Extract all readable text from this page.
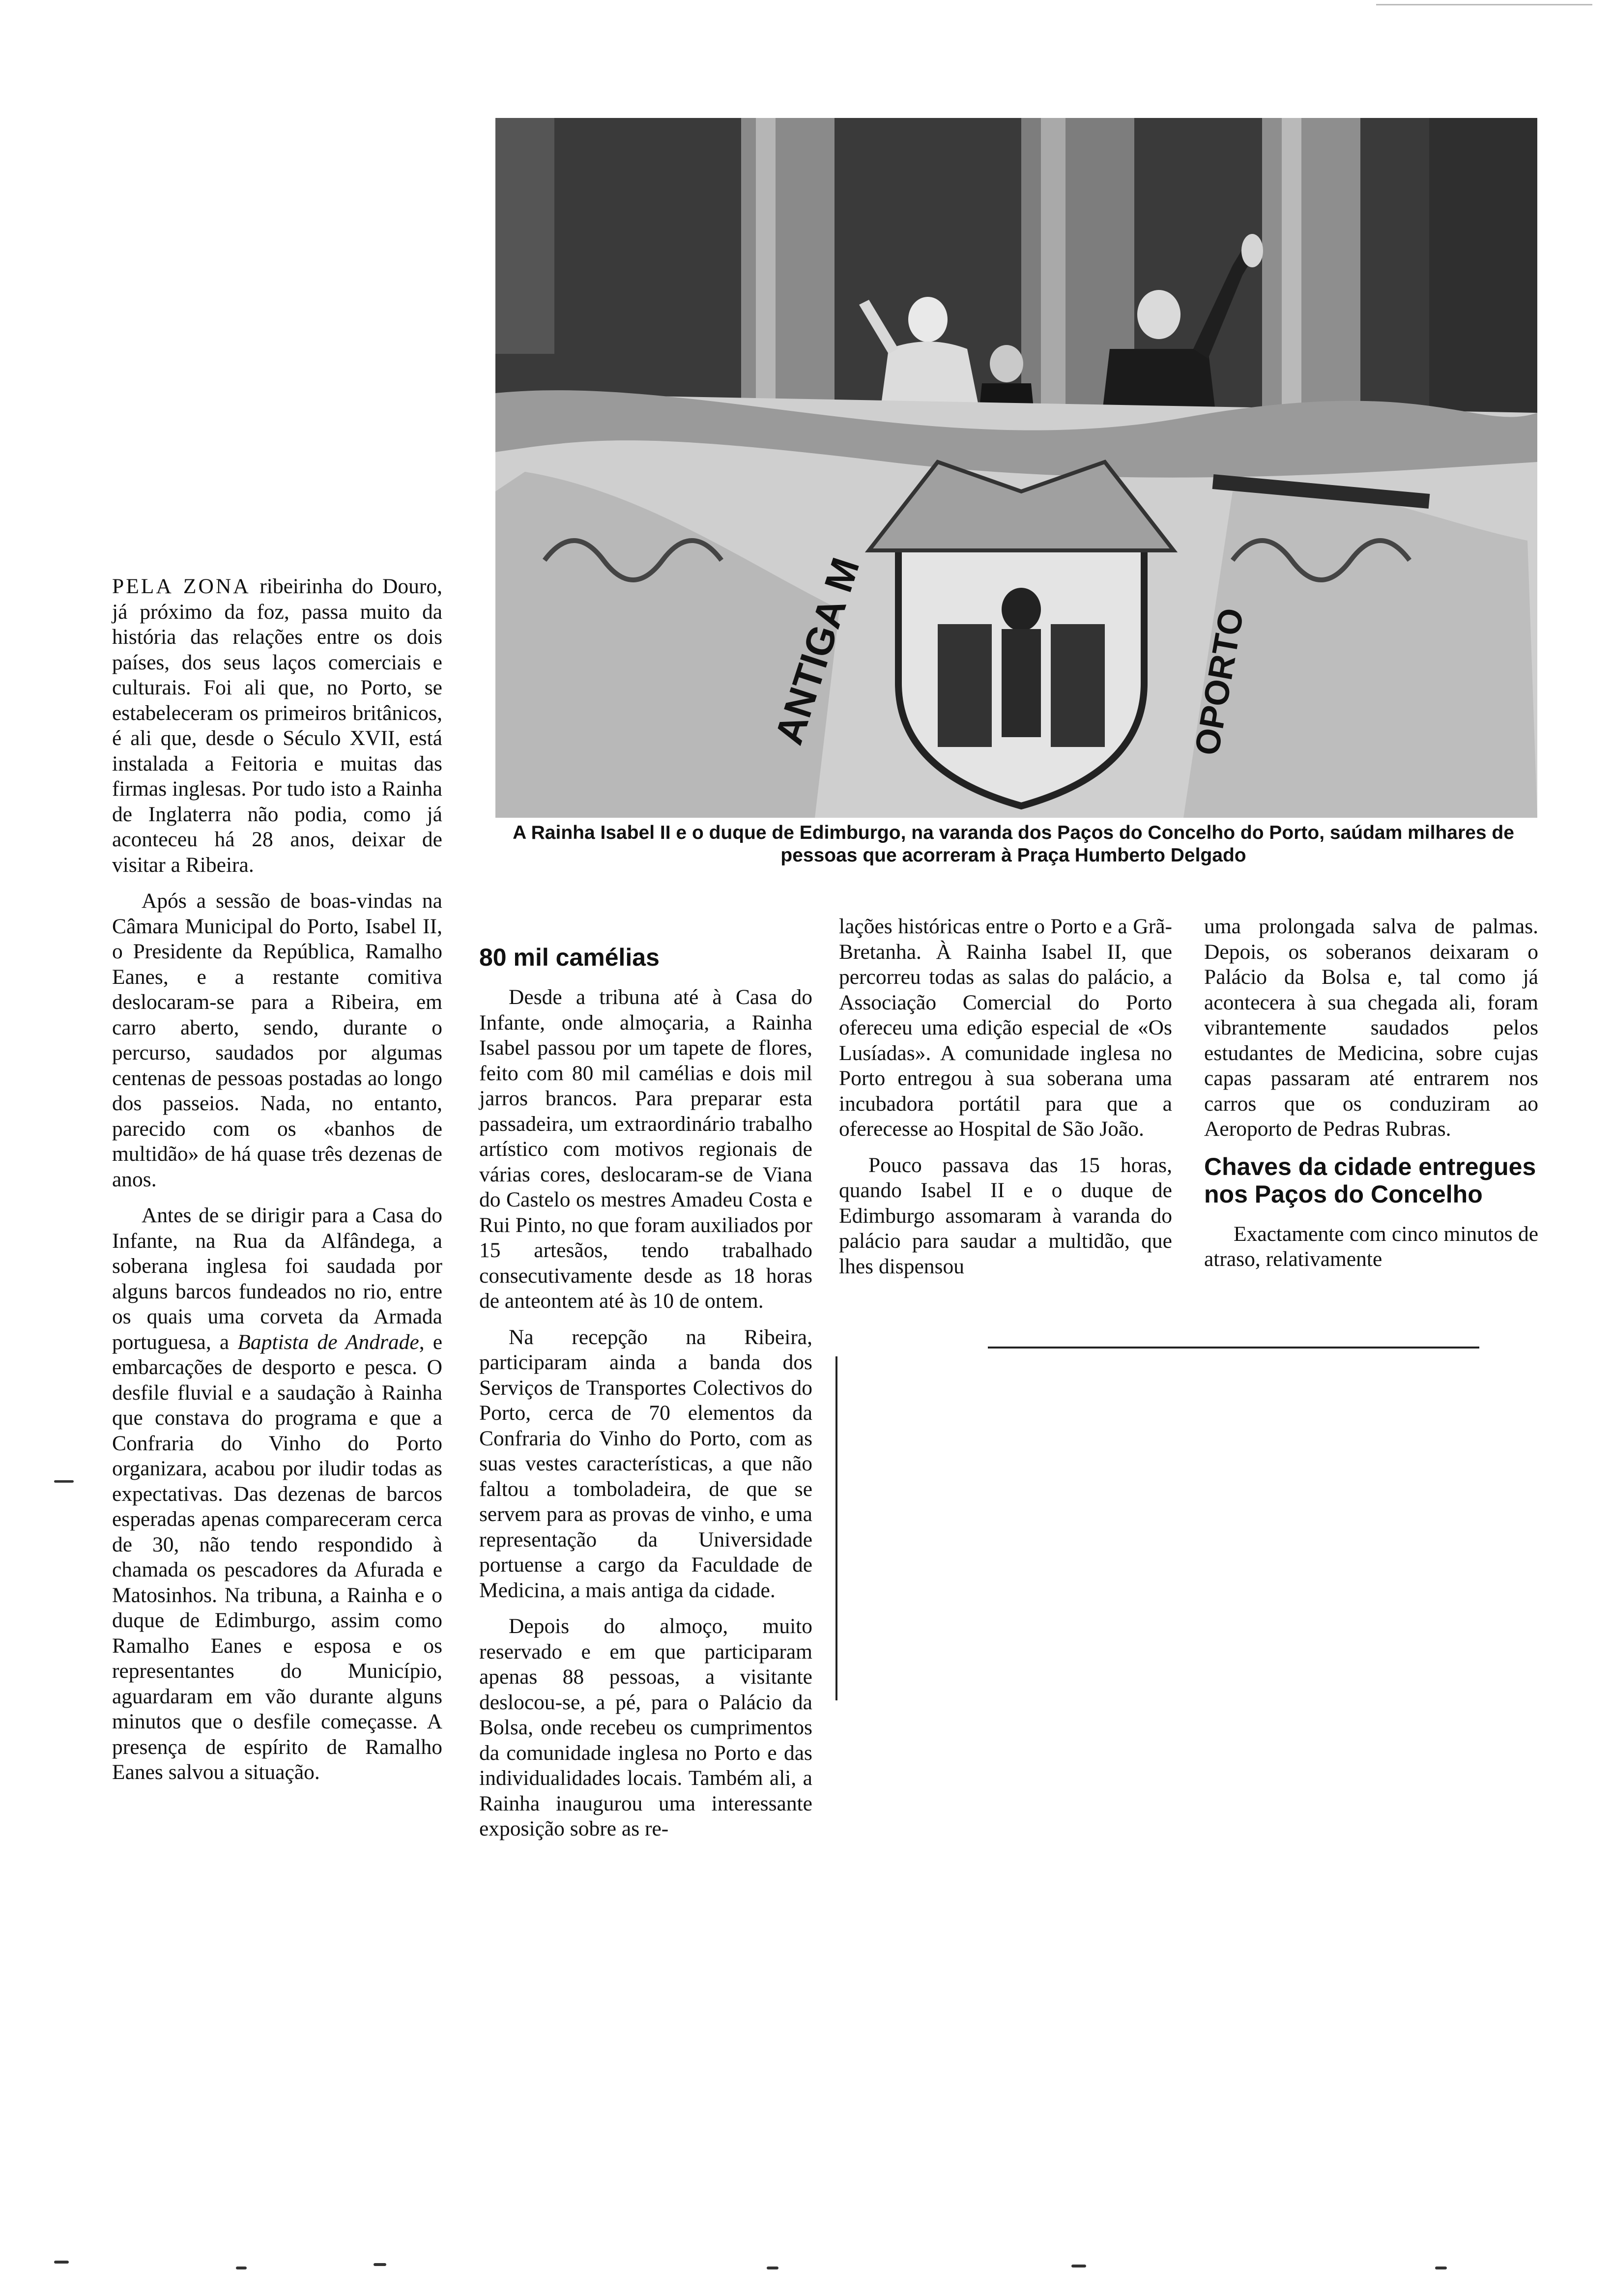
ANTIGA M	OPORTO
A Rainha Isabel II e o duque de Edimburgo, na varanda dos Paços do Concelho do Porto, saúdam milhares de pessoas que acorreram à Praça Humberto Delgado

PELA ZONA ribeirinha do Douro, já próximo da foz, passa muito da história das relações entre os dois países, dos seus laços comerciais e culturais. Foi ali que, no Porto, se estabeleceram os primeiros britânicos, é ali que, desde o Século XVII, está instalada a Feitoria e muitas das firmas inglesas. Por tudo isto a Rainha de Inglaterra não podia, como já aconteceu há 28 anos, deixar de visitar a Ribeira.

Após a sessão de boas-vindas na Câmara Municipal do Porto, Isabel II, o Presidente da República, Ramalho Eanes, e a restante comitiva deslocaram-se para a Ribeira, em carro aberto, sendo, durante o percurso, saudados por algumas centenas de pessoas postadas ao longo dos passeios. Nada, no entanto, parecido com os «banhos de multidão» de há quase três dezenas de anos.

Antes de se dirigir para a Casa do Infante, na Rua da Alfândega, a soberana inglesa foi saudada por alguns barcos fundeados no rio, entre os quais uma corveta da Armada portuguesa, a Baptista de Andrade, e embarcações de desporto e pesca. O desfile fluvial e a saudação à Rainha que constava do programa e que a Confraria do Vinho do Porto organizara, acabou por iludir todas as expectativas. Das dezenas de barcos esperadas apenas compareceram cerca de 30, não tendo respondido à chamada os pescadores da Afurada e Matosinhos. Na tribuna, a Rainha e o duque de Edimburgo, assim como Ramalho Eanes e esposa e os representantes do Município, aguardaram em vão durante alguns minutos que o desfile começasse. A presença de espírito de Ramalho Eanes salvou a situação.

80 mil camélias

Desde a tribuna até à Casa do Infante, onde almoçaria, a Rainha Isabel passou por um tapete de flores, feito com 80 mil camélias e dois mil jarros brancos. Para preparar esta passadeira, um extraordinário trabalho artístico com motivos regionais de várias cores, deslocaram-se de Viana do Castelo os mestres Amadeu Costa e Rui Pinto, no que foram auxiliados por 15 artesãos, tendo trabalhado consecutivamente desde as 18 horas de anteontem até às 10 de ontem.

Na recepção na Ribeira, participaram ainda a banda dos Serviços de Transportes Colectivos do Porto, cerca de 70 elementos da Confraria do Vinho do Porto, com as suas vestes características, a que não faltou a tomboladeira, de que se servem para as provas de vinho, e uma representação da Universidade portuense a cargo da Faculdade de Medicina, a mais antiga da cidade.

Depois do almoço, muito reservado e em que participaram apenas 88 pessoas, a visitante deslocou-se, a pé, para o Palácio da Bolsa, onde recebeu os cumprimentos da comunidade inglesa no Porto e das individualidades locais. Também ali, a Rainha inaugurou uma interessante exposição sobre as re-

lações históricas entre o Porto e a Grã-Bretanha. À Rainha Isabel II, que percorreu todas as salas do palácio, a Associação Comercial do Porto ofereceu uma edição especial de «Os Lusíadas». A comunidade inglesa no Porto entregou à sua soberana uma incubadora portátil para que a oferecesse ao Hospital de São João.

Pouco passava das 15 horas, quando Isabel II e o duque de Edimburgo assomaram à varanda do palácio para saudar a multidão, que lhes dispensou

uma prolongada salva de palmas. Depois, os soberanos deixaram o Palácio da Bolsa e, tal como já acontecera à sua chegada ali, foram vibrantemente saudados pelos estudantes de Medicina, sobre cujas capas passaram até entrarem nos carros que os conduziram ao Aeroporto de Pedras Rubras.

Chaves da cidade entregues nos Paços do Concelho

Exactamente com cinco minutos de atraso, relativamente
